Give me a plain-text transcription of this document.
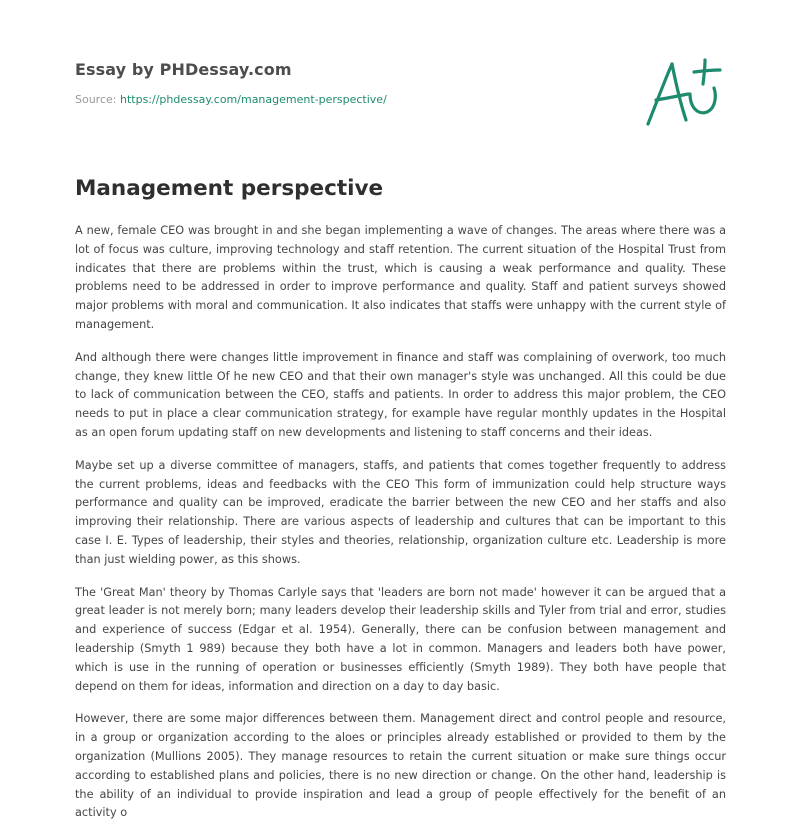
Essay by PHDessay.com
Source: https://phdessay.com/management-perspective/
Management perspective

A new, female CEO was brought in and she began implementing a wave of changes. The areas where there was a lot of focus was culture, improving technology and staff retention. The current situation of the Hospital Trust from indicates that there are problems within the trust, which is causing a weak performance and quality. These problems need to be addressed in order to improve performance and quality. Staff and patient surveys showed major problems with moral and communication. It also indicates that staffs were unhappy with the current style of management.

And although there were changes little improvement in finance and staff was complaining of overwork, too much change, they knew little Of he new CEO and that their own manager's style was unchanged. All this could be due to lack of communication between the CEO, staffs and patients. In order to address this major problem, the CEO needs to put in place a clear communication strategy, for example have regular monthly updates in the Hospital as an open forum updating staff on new developments and listening to staff concerns and their ideas.

Maybe set up a diverse committee of managers, staffs, and patients that comes together frequently to address the current problems, ideas and feedbacks with the CEO This form of immunization could help structure ways performance and quality can be improved, eradicate the barrier between the new CEO and her staffs and also improving their relationship. There are various aspects of leadership and cultures that can be important to this case I. E. Types of leadership, their styles and theories, relationship, organization culture etc. Leadership is more than just wielding power, as this shows.

The 'Great Man' theory by Thomas Carlyle says that 'leaders are born not made' however it can be argued that a great leader is not merely born; many leaders develop their leadership skills and Tyler from trial and error, studies and experience of success (Edgar et al. 1954). Generally, there can be confusion between management and leadership (Smyth 1 989) because they both have a lot in common. Managers and leaders both have power, which is use in the running of operation or businesses efficiently (Smyth 1989). They both have people that depend on them for ideas, information and direction on a day to day basic.

However, there are some major differences between them. Management direct and control people and resource, in a group or organization according to the aloes or principles already established or provided to them by the organization (Mullions 2005). They manage resources to retain the current situation or make sure things occur according to established plans and policies, there is no new direction or change. On the other hand, leadership is the ability of an individual to provide inspiration and lead a group of people effectively for the benefit of an activity o
